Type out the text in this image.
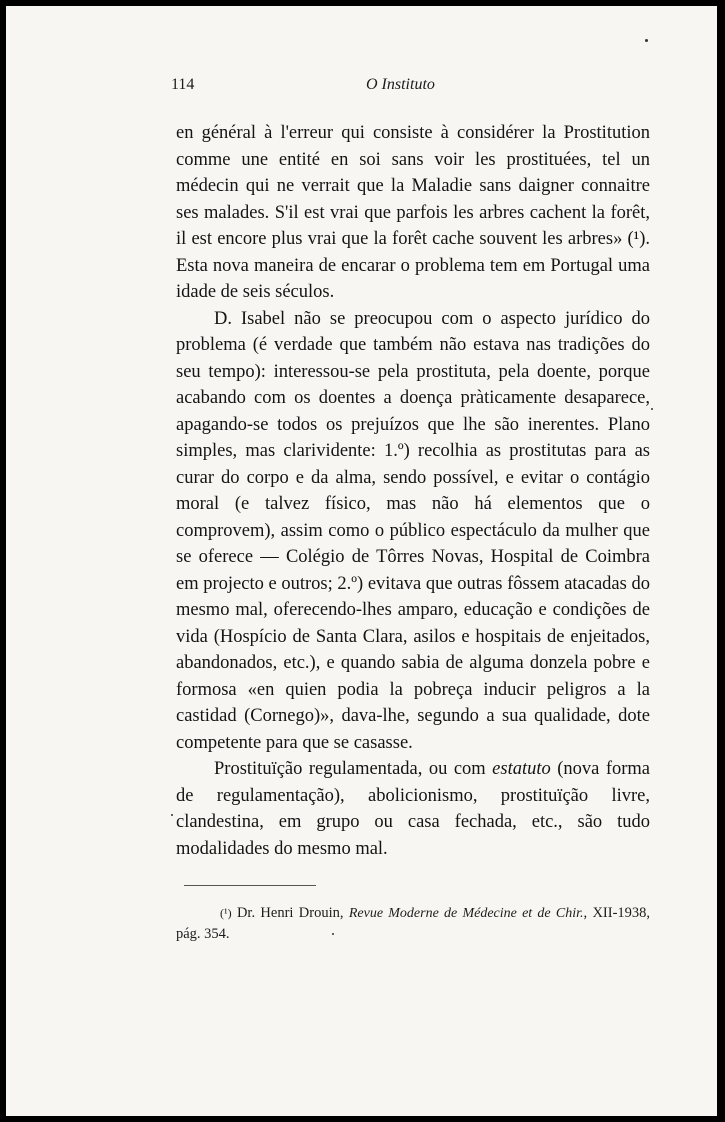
114	O Instituto

en général à l'erreur qui consiste à considérer la Prostitution comme une entité en soi sans voir les prostituées, tel un médecin qui ne verrait que la Maladie sans daigner connaitre ses malades. S'il est vrai que parfois les arbres cachent la forêt, il est encore plus vrai que la forêt cache souvent les arbres» (¹). Esta nova maneira de encarar o problema tem em Portugal uma idade de seis séculos.

D. Isabel não se preocupou com o aspecto jurídico do problema (é verdade que também não estava nas tradições do seu tempo): interessou-se pela prostituta, pela doente, porque acabando com os doentes a doença pràticamente desaparece, apagando-se todos os prejuízos que lhe são inerentes. Plano simples, mas clarividente: 1.º) recolhia as prostitutas para as curar do corpo e da alma, sendo possível, e evitar o contágio moral (e talvez físico, mas não há elementos que o comprovem), assim como o público espectáculo da mulher que se oferece — Colégio de Tôrres Novas, Hospital de Coimbra em projecto e outros; 2.º) evitava que outras fôssem atacadas do mesmo mal, oferecendo-lhes amparo, educação e condições de vida (Hospício de Santa Clara, asilos e hospitais de enjeitados, abandonados, etc.), e quando sabia de alguma donzela pobre e formosa «en quien podia la pobreça inducir peligros a la castidad (Cornego)», dava-lhe, segundo a sua qualidade, dote competente para que se casasse.

Prostituïção regulamentada, ou com estatuto (nova forma de regulamentação), abolicionismo, prostituïção livre, clandestina, em grupo ou casa fechada, etc., são tudo modalidades do mesmo mal.

(¹) Dr. Henri Drouin, Revue Moderne de Médecine et de Chir., XII-1938, pág. 354.
